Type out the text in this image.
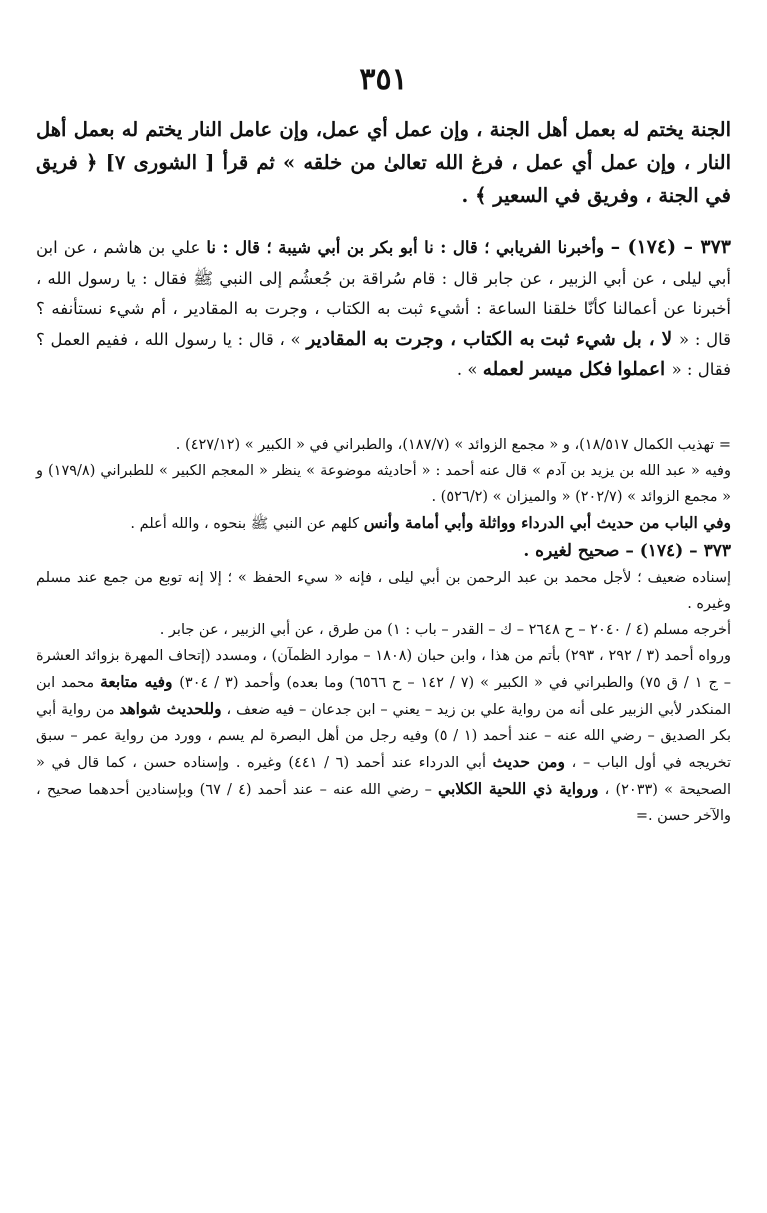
٣٥١
الجنة يختم له بعمل أهل الجنة ، وإن عمل أي عمل، وإن عامل النار يختم له بعمل أهل النار ، وإن عمل أي عمل ، فرغ الله تعالىٰ من خلقه » ثم قرأ [ الشورى ٧] ﴿ فريق في الجنة ، وفريق في السعير ﴾ .
٣٧٣ – (١٧٤) – وأخبرنا الفريابي ؛ قال : نا أبو بكر بن أبي شيبة ؛ قال : نا علي بن هاشم ، عن ابن أبي ليلى ، عن أبي الزبير ، عن جابر قال : قام سُراقة بن جُعشُم إلى النبي ﷺ فقال : يا رسول الله ، أخبرنا عن أعمالنا كأنّا خلقنا الساعة : أشيء ثبت به الكتاب ، وجرت به المقادير ، أم شيء نستأنفه ؟ قال : « لا ، بل شيء ثبت به الكتاب ، وجرت به المقادير » ، قال : يا رسول الله ، ففيم العمل ؟ فقال : « اعملوا فكل ميسر لعمله » .

= تهذيب الكمال ١٨/٥١٧)، و « مجمع الزوائد » (١٨٧/٧)، والطبراني في « الكبير » (٤٢٧/١٢) .

وفيه « عبد الله بن يزيد بن آدم » قال عنه أحمد : « أحاديثه موضوعة » ينظر « المعجم الكبير » للطبراني (١٧٩/٨) و « مجمع الزوائد » (٢٠٢/٧) « والميزان » (٥٢٦/٢) .

وفي الباب من حديث أبي الدرداء وواثلة وأبي أمامة وأنس كلهم عن النبي ﷺ بنحوه ، والله أعلم .

٣٧٣ – (١٧٤) – صحيح لغيره .

إسناده ضعيف ؛ لأجل محمد بن عبد الرحمن بن أبي ليلى ، فإنه « سيء الحفظ » ؛ إلا إنه توبع من جمع عند مسلم وغيره .

أخرجه مسلم (٤ / ٢٠٤٠ – ح ٢٦٤٨ – ك – القدر – باب : ١) من طرق ، عن أبي الزبير ، عن جابر .

ورواه أحمد (٣ / ٢٩٢ ، ٢٩٣) بأتم من هذا ، وابن حبان (١٨٠٨ – موارد الظمآن) ، ومسدد (إتحاف المهرة بزوائد العشرة – ج ١ / ق ٧٥) والطبراني في « الكبير » (٧ / ١٤٢ – ح ٦٥٦٦) وما بعده) وأحمد (٣ / ٣٠٤) وفيه متابعة محمد ابن المنكدر لأبي الزبير على أنه من رواية علي بن زيد – يعني – ابن جدعان – فيه ضعف ، وللحديث شواهد من رواية أبي بكر الصديق – رضي الله عنه – عند أحمد (١ / ٥) وفيه رجل من أهل البصرة لم يسم ، وورد من رواية عمر – سبق تخريجه في أول الباب – ، ومن حديث أبي الدرداء عند أحمد (٦ / ٤٤١) وغيره . وإسناده حسن ، كما قال في « الصحيحة » (٢٠٣٣) ، ورواية ذي اللحية الكلابي – رضي الله عنه – عند أحمد (٤ / ٦٧) وبإسنادين أحدهما صحيح ، والآخر حسن .=
